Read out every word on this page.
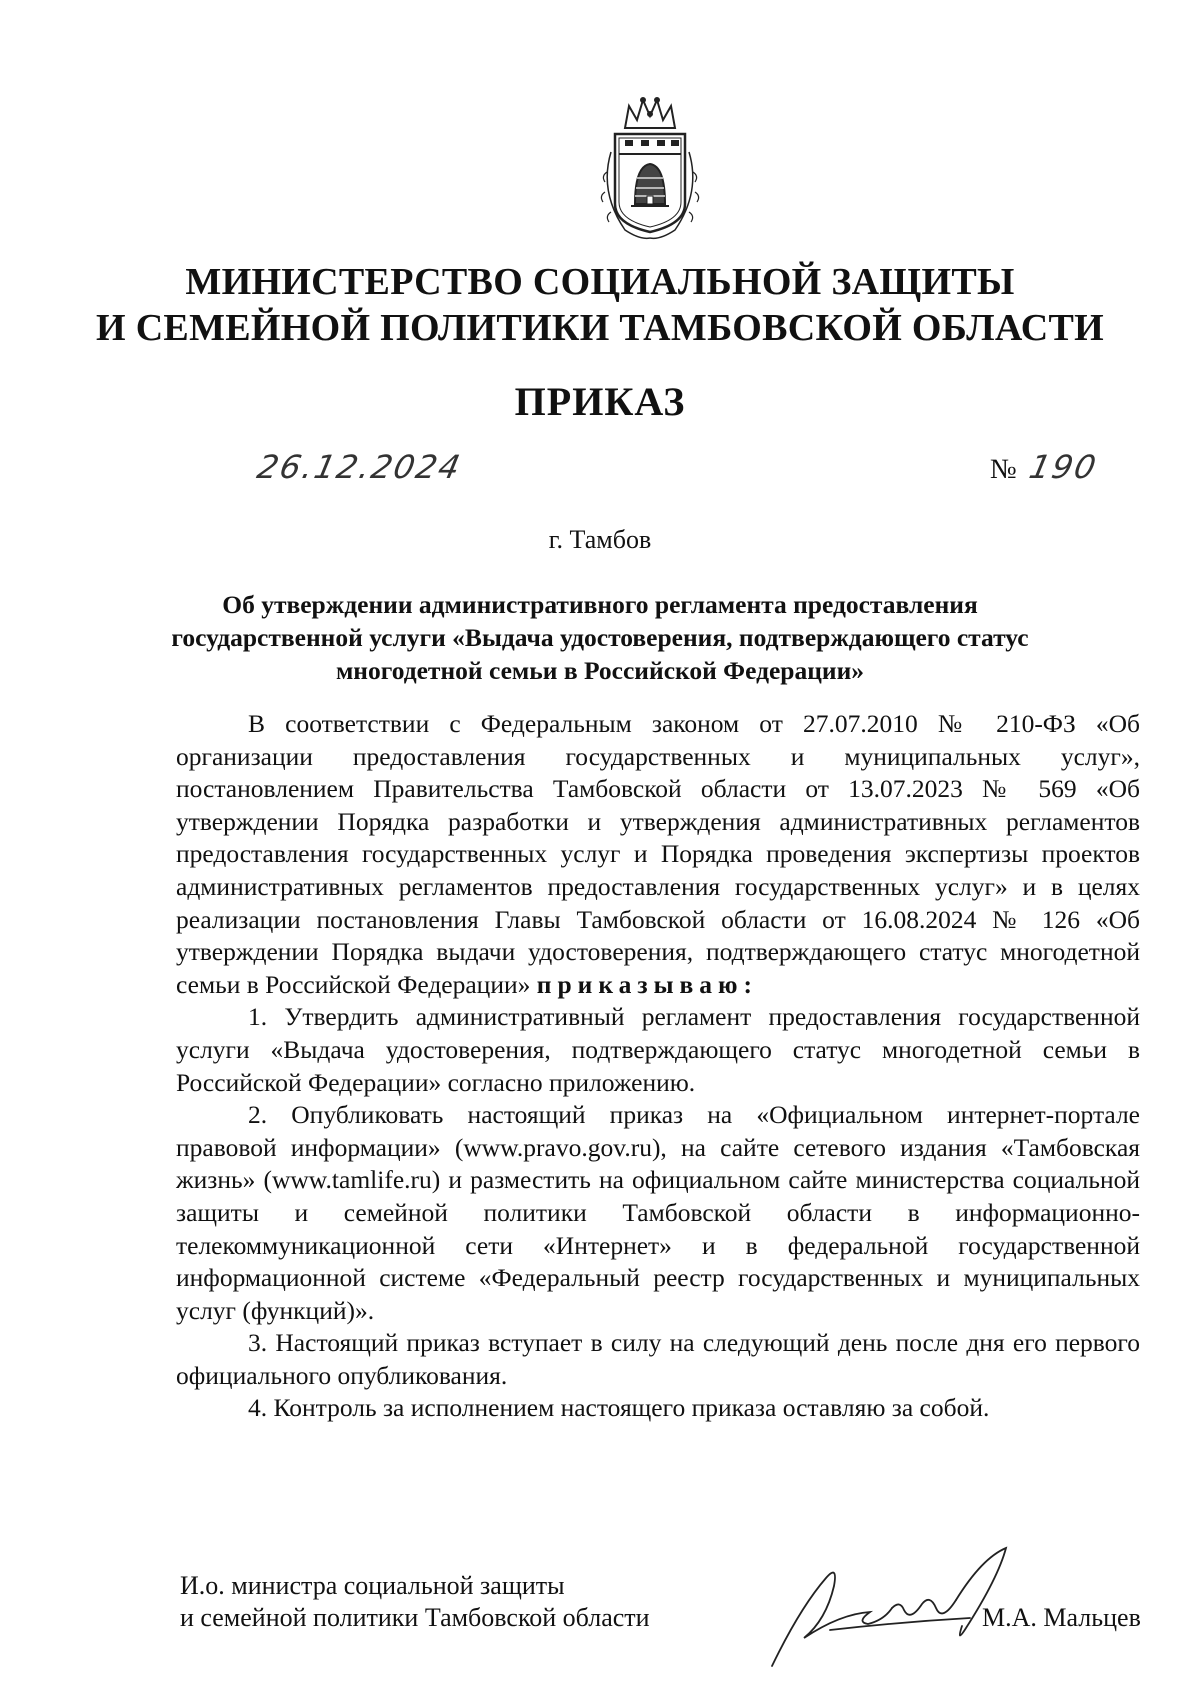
МИНИСТЕРСТВО СОЦИАЛЬНОЙ ЗАЩИТЫ
И СЕМЕЙНОЙ ПОЛИТИКИ ТАМБОВСКОЙ ОБЛАСТИ
ПРИКАЗ
26.12.2024	№ 190
г. Тамбов
Об утверждении административного регламента предоставления
государственной услуги «Выдача удостоверения, подтверждающего статус
многодетной семьи в Российской Федерации»

В соответствии с Федеральным законом от 27.07.2010 № 210-ФЗ «Об организации предоставления государственных и муниципальных услуг», постановлением Правительства Тамбовской области от 13.07.2023 № 569 «Об утверждении Порядка разработки и утверждения административных регламентов предоставления государственных услуг и Порядка проведения экспертизы проектов административных регламентов предоставления государственных услуг» и в целях реализации постановления Главы Тамбовской области от 16.08.2024 № 126 «Об утверждении Порядка выдачи удостоверения, подтверждающего статус многодетной семьи в Российской Федерации» приказываю:

1. Утвердить административный регламент предоставления государственной услуги «Выдача удостоверения, подтверждающего статус многодетной семьи в Российской Федерации» согласно приложению.

2. Опубликовать настоящий приказ на «Официальном интернет-портале правовой информации» (www.pravo.gov.ru), на сайте сетевого издания «Тамбовская жизнь» (www.tamlife.ru) и разместить на официальном сайте министерства социальной защиты и семейной политики Тамбовской области в информационно-телекоммуникационной сети «Интернет» и в федеральной государственной информационной системе «Федеральный реестр государственных и муниципальных услуг (функций)».

3. Настоящий приказ вступает в силу на следующий день после дня его первого официального опубликования.

4. Контроль за исполнением настоящего приказа оставляю за собой.

И.о. министра социальной защиты
и семейной политики Тамбовской области	М.А. Мальцев
